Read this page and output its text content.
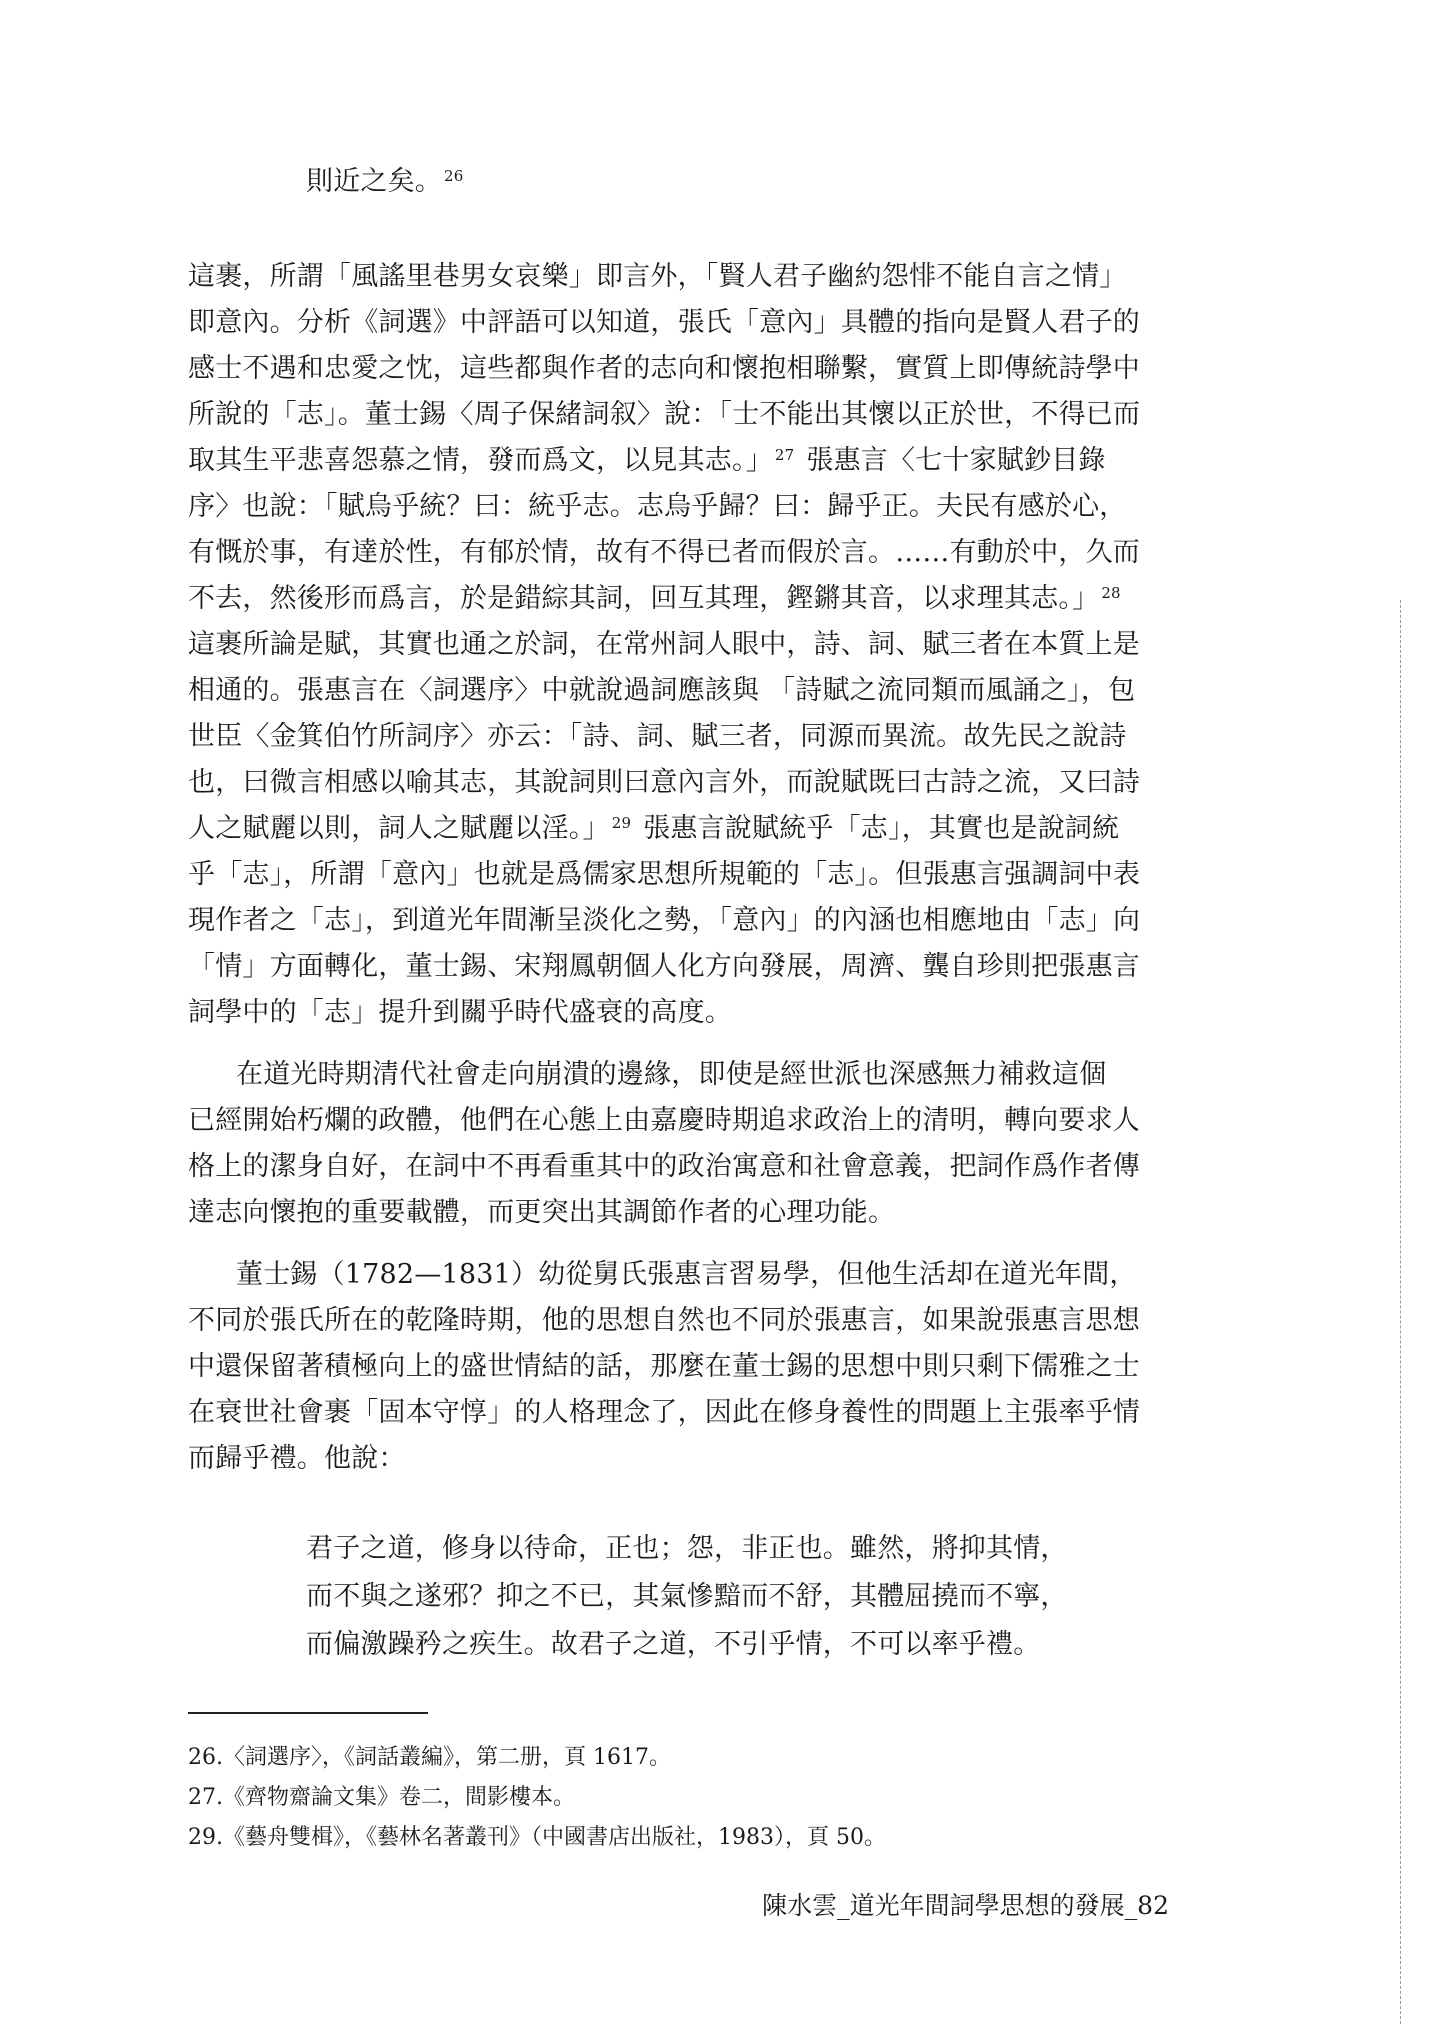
則近之矣。 $^{26}$
這裹，所謂「風謠里巷男女哀樂」即言外，「賢人君子幽約怨悱不能自言之情」
即意內。分析《詞選》中評語可以知道，張氏「意內」具體的指向是賢人君子的
感士不遇和忠愛之忱，這些都與作者的志向和懷抱相聯繫，實質上即傳統詩學中
所說的「志」。董士錫〈周子保緒詞叙〉說：「士不能出其懷以正於世，不得已而
取其生平悲喜怨慕之情，發而爲文，以見其志。」 $^{27}$ 張惠言〈七十家賦鈔目錄
序〉也說：「賦烏乎統？曰：統乎志。志烏乎歸？曰：歸乎正。夫民有感於心，
有慨於事，有達於性，有郁於情，故有不得已者而假於言。……有動於中，久而
不去，然後形而爲言，於是錯綜其詞，回互其理，鏗鏘其音，以求理其志。」 $^{28}$
這裹所論是賦，其實也通之於詞，在常州詞人眼中，詩、詞、賦三者在本質上是
相通的。張惠言在〈詞選序〉中就說過詞應該與 「詩賦之流同類而風誦之」，包
世臣〈金箕伯竹所詞序〉亦云：「詩、詞、賦三者，同源而異流。故先民之說詩
也，曰微言相感以喻其志，其說詞則曰意內言外，而說賦既曰古詩之流，又曰詩
人之賦麗以則，詞人之賦麗以淫。」 $^{29}$ 張惠言說賦統乎「志」，其實也是說詞統
乎「志」，所謂「意內」也就是爲儒家思想所規範的「志」。但張惠言强調詞中表
現作者之「志」，到道光年間漸呈淡化之勢，「意內」的內涵也相應地由「志」向
「情」方面轉化，董士錫、宋翔鳳朝個人化方向發展，周濟、龔自珍則把張惠言
詞學中的「志」提升到關乎時代盛衰的高度。
在道光時期清代社會走向崩潰的邊緣，即使是經世派也深感無力補救這個
已經開始朽爛的政體，他們在心態上由嘉慶時期追求政治上的清明，轉向要求人
格上的潔身自好，在詞中不再看重其中的政治寓意和社會意義，把詞作爲作者傳
達志向懷抱的重要載體，而更突出其調節作者的心理功能。
董士錫（1782—1831）幼從舅氏張惠言習易學，但他生活却在道光年間，
不同於張氏所在的乾隆時期，他的思想自然也不同於張惠言，如果說張惠言思想
中還保留著積極向上的盛世情結的話，那麼在董士錫的思想中則只剩下儒雅之士
在衰世社會裹「固本守惇」的人格理念了，因此在修身養性的問題上主張率乎情
而歸乎禮。他說：
君子之道，修身以待命，正也；怨，非正也。雖然，將抑其情，
而不與之遂邪？抑之不已，其氣慘黯而不舒，其體屈撓而不寧，
而偏激躁矜之疾生。故君子之道，不引乎情，不可以率乎禮。
26.〈詞選序〉，《詞話叢編》，第二册，頁 1617。
27.《齊物齋論文集》卷二，間影樓本。
29.《藝舟雙楫》，《藝林名著叢刊》（中國書店出版社，1983），頁 50。
陳水雲_道光年間詞學思想的發展_82
